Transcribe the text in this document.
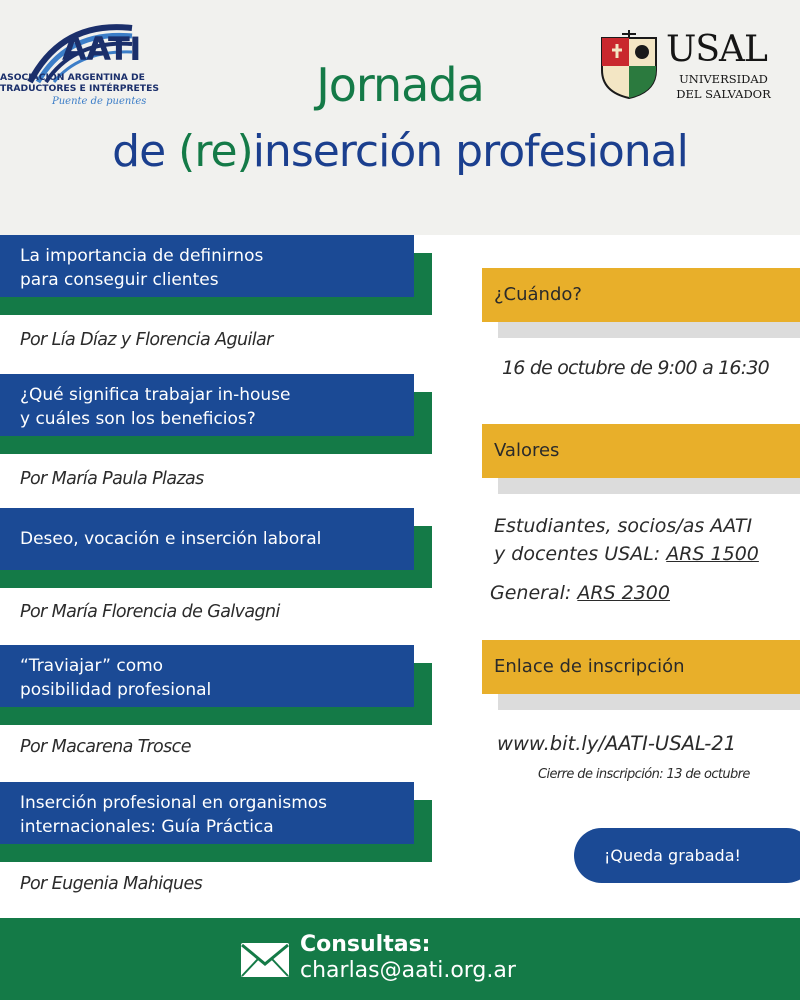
AATI
ASOCIACIÓN ARGENTINA DE TRADUCTORES E INTÉRPRETES
Puente de puentes
USAL
UNIVERSIDAD DEL SALVADOR
Jornada
de (re)inserción profesional
La importancia de definirnos
para conseguir clientes
Por Lía Díaz y Florencia Aguilar
¿Qué significa trabajar in-house
y cuáles son los beneficios?
Por María Paula Plazas
Deseo, vocación e inserción laboral
Por María Florencia de Galvagni
“Traviajar” como
posibilidad profesional
Por Macarena Trosce
Inserción profesional en organismos
internacionales: Guía Práctica
Por Eugenia Mahiques
¿Cuándo?
16 de octubre de 9:00 a 16:30
Valores
Estudiantes, socios/as AATI
y docentes USAL: ARS 1500
General: ARS 2300
Enlace de inscripción
www.bit.ly/AATI-USAL-21
Cierre de inscripción: 13 de octubre
¡Queda grabada!
Consultas:
charlas@aati.org.ar
